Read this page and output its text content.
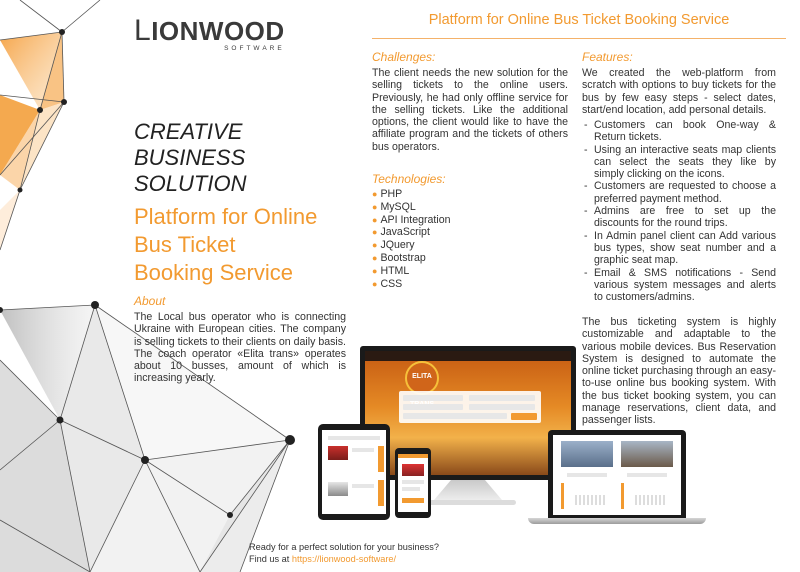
LIONWOOD
SOFTWARE
Platform for Online Bus Ticket Booking Service
CREATIVE
BUSINESS
SOLUTION
Platform for Online
Bus Ticket
Booking Service
About
The Local bus operator who is connecting Ukraine with European cities. The company is selling tickets to their clients on daily basis. The coach operator «Elita trans» operates about 10 busses, amount of which is increasing yearly.
Challenges:
The client needs the new solution for the selling tickets to the online users. Previously, he had only offline service for the selling tickets. Like the additional options, the client would like to have the affiliate program and the tickets of others bus operators.
Technologies:
● PHP
● MySQL
● API Integration
● JavaScript
● JQuery
● Bootstrap
● HTML
● CSS
Features:
We created the web-platform from scratch with options to buy tickets for the bus by few easy steps - select dates, start/end location, add personal details.
- Customers can book One-way & Return tickets.
- Using an interactive seats map clients can select the seats they like by simply clicking on the icons.
- Customers are requested to choose a preferred payment method.
- Admins are free to set up the discounts for the round trips.
- In Admin panel client can Add various bus types, show seat number and a graphic seat map.
- Email & SMS notifications - Send various system messages and alerts to customers/admins.
The bus ticketing system is highly customizable and adaptable to the various mobile devices. Bus Reservation System is designed to automate the online ticket purchasing through an easy-to-use online bus booking system. With the bus ticket booking system, you can manage reservations, client data, and passenger lists.
ELITA
Ready for a perfect solution for your business?
Find us at https://lionwood-software/
